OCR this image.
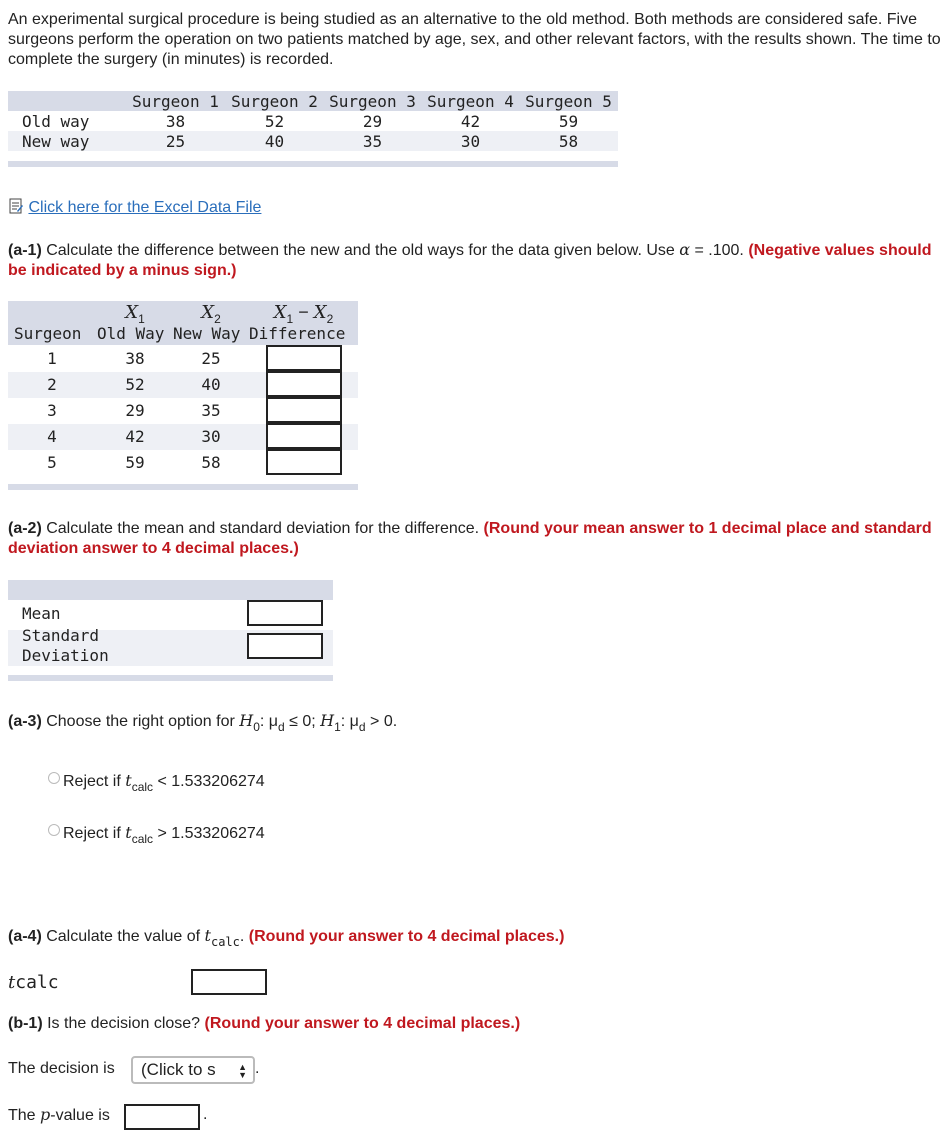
An experimental surgical procedure is being studied as an alternative to the old method. Both methods are considered safe. Five surgeons perform the operation on two patients matched by age, sex, and other relevant factors, with the results shown. The time to complete the surgery (in minutes) is recorded.
Surgeon 1 Surgeon 2 Surgeon 3 Surgeon 4 Surgeon 5
Old way	38	52	29	42	59
New way	25	40	35	30	58
Click here for the Excel Data File
(a-1) Calculate the difference between the new and the old ways for the data given below. Use α = .100. (Negative values should be indicated by a minus sign.)
$X_1$	$X_2$	$X_1 - X_2$
Surgeon Old Way New Way Difference
1	38	25
2	52	40
3	29	35
4	42	30
5	59	58
(a-2) Calculate the mean and standard deviation for the difference. (Round your mean answer to 1 decimal place and standard deviation answer to 4 decimal places.)
Mean
Standard
Deviation
(a-3) Choose the right option for $H_0$: $\mu_d \le 0$; $H_1$: $\mu_d > 0$.
Reject if $t_{calc} < 1.533206274$
Reject if $t_{calc} > 1.533206274$
(a-4) Calculate the value of $t_{calc}$. (Round your answer to 4 decimal places.)
tcalc
(b-1) Is the decision close? (Round your answer to 4 decimal places.)
The decision is (Click to s ▲
▼ .
The p-value is	.
